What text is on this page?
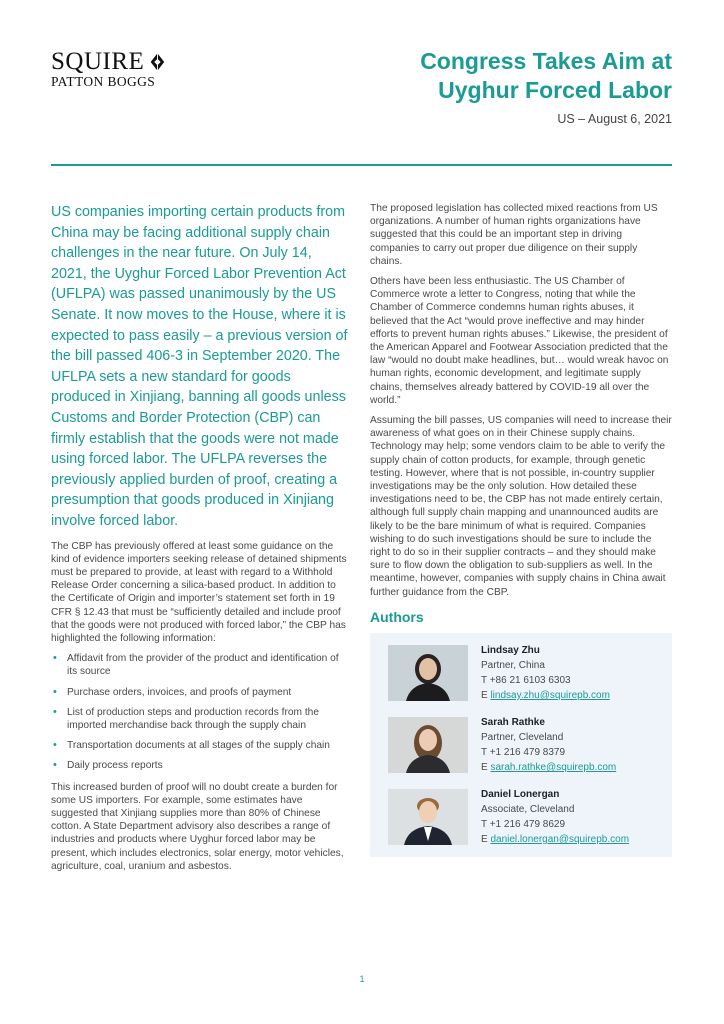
SQUIRE
PATTON BOGGS
Congress Takes Aim at
Uyghur Forced Labor
US – August 6, 2021

US companies importing certain products from China may be facing additional supply chain challenges in the near future. On July 14, 2021, the Uyghur Forced Labor Prevention Act (UFLPA) was passed unanimously by the US Senate. It now moves to the House, where it is expected to pass easily – a previous version of the bill passed 406-3 in September 2020. The UFLPA sets a new standard for goods produced in Xinjiang, banning all goods unless Customs and Border Protection (CBP) can firmly establish that the goods were not made using forced labor. The UFLPA reverses the previously applied burden of proof, creating a presumption that goods produced in Xinjiang involve forced labor.

The CBP has previously offered at least some guidance on the kind of evidence importers seeking release of detained shipments must be prepared to provide, at least with regard to a Withhold Release Order concerning a silica-based product. In addition to the Certificate of Origin and importer’s statement set forth in 19 CFR § 12.43 that must be “sufficiently detailed and include proof that the goods were not produced with forced labor,” the CBP has highlighted the following information:

• Affidavit from the provider of the product and identification of its source
• Purchase orders, invoices, and proofs of payment
• List of production steps and production records from the imported merchandise back through the supply chain
• Transportation documents at all stages of the supply chain
• Daily process reports

This increased burden of proof will no doubt create a burden for some US importers. For example, some estimates have suggested that Xinjiang supplies more than 80% of Chinese cotton. A State Department advisory also describes a range of industries and products where Uyghur forced labor may be present, which includes electronics, solar energy, motor vehicles, agriculture, coal, uranium and asbestos.

The proposed legislation has collected mixed reactions from US organizations. A number of human rights organizations have suggested that this could be an important step in driving companies to carry out proper due diligence on their supply chains.

Others have been less enthusiastic. The US Chamber of Commerce wrote a letter to Congress, noting that while the Chamber of Commerce condemns human rights abuses, it believed that the Act “would prove ineffective and may hinder efforts to prevent human rights abuses.” Likewise, the president of the American Apparel and Footwear Association predicted that the law “would no doubt make headlines, but… would wreak havoc on human rights, economic development, and legitimate supply chains, themselves already battered by COVID-19 all over the world.”

Assuming the bill passes, US companies will need to increase their awareness of what goes on in their Chinese supply chains. Technology may help; some vendors claim to be able to verify the supply chain of cotton products, for example, through genetic testing. However, where that is not possible, in-country supplier investigations may be the only solution. How detailed these investigations need to be, the CBP has not made entirely certain, although full supply chain mapping and unannounced audits are likely to be the bare minimum of what is required. Companies wishing to do such investigations should be sure to include the right to do so in their supplier contracts – and they should make sure to flow down the obligation to sub-suppliers as well. In the meantime, however, companies with supply chains in China await further guidance from the CBP.

Authors
Lindsay Zhu
Partner, China
T +86 21 6103 6303
E lindsay.zhu@squirepb.com
Sarah Rathke
Partner, Cleveland
T +1 216 479 8379
E sarah.rathke@squirepb.com
Daniel Lonergan
Associate, Cleveland
T +1 216 479 8629
E daniel.lonergan@squirepb.com
1
